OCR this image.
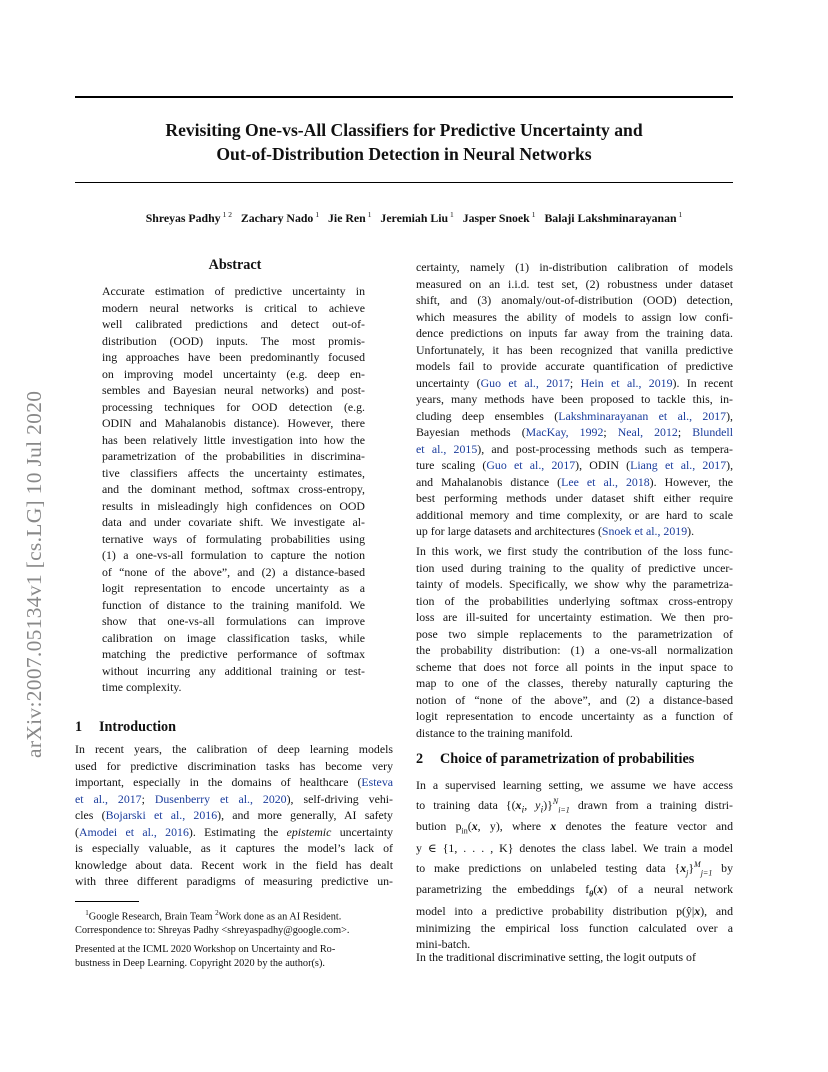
arXiv:2007.05134v1 [cs.LG] 10 Jul 2020
Revisiting One-vs-All Classifiers for Predictive Uncertainty and
Out-of-Distribution Detection in Neural Networks
Shreyas Padhy $^{1 2}$ Zachary Nado $^1$ Jie Ren $^1$ Jeremiah Liu $^1$ Jasper Snoek $^1$ Balaji Lakshminarayanan $^1$
Abstract
Accurate estimation of predictive uncertainty in
modern neural networks is critical to achieve
well calibrated predictions and detect out-of-
distribution (OOD) inputs. The most promis-
ing approaches have been predominantly focused
on improving model uncertainty (e.g. deep en-
sembles and Bayesian neural networks) and post-
processing techniques for OOD detection (e.g.
ODIN and Mahalanobis distance). However, there
has been relatively little investigation into how the
parametrization of the probabilities in discrimina-
tive classifiers affects the uncertainty estimates,
and the dominant method, softmax cross-entropy,
results in misleadingly high confidences on OOD
data and under covariate shift. We investigate al-
ternative ways of formulating probabilities using
(1) a one-vs-all formulation to capture the notion
of “none of the above”, and (2) a distance-based
logit representation to encode uncertainty as a
function of distance to the training manifold. We
show that one-vs-all formulations can improve
calibration on image classification tasks, while
matching the predictive performance of softmax
without incurring any additional training or test-
time complexity.
1 Introduction
In recent years, the calibration of deep learning models
used for predictive discrimination tasks has become very
important, especially in the domains of healthcare (Esteva
et al., 2017; Dusenberry et al., 2020), self-driving vehi-
cles (Bojarski et al., 2016), and more generally, AI safety
(Amodei et al., 2016). Estimating the epistemic uncertainty
is especially valuable, as it captures the model’s lack of
knowledge about data. Recent work in the field has dealt
with three different paradigms of measuring predictive un-
$^1$Google Research, Brain Team $^2$Work done as an AI Resident.
Correspondence to: Shreyas Padhy <shreyaspadhy@google.com>.
Presented at the ICML 2020 Workshop on Uncertainty and Ro-
bustness in Deep Learning. Copyright 2020 by the author(s).
certainty, namely (1) in-distribution calibration of models
measured on an i.i.d. test set, (2) robustness under dataset
shift, and (3) anomaly/out-of-distribution (OOD) detection,
which measures the ability of models to assign low confi-
dence predictions on inputs far away from the training data.
Unfortunately, it has been recognized that vanilla predictive
models fail to provide accurate quantification of predictive
uncertainty (Guo et al., 2017; Hein et al., 2019). In recent
years, many methods have been proposed to tackle this, in-
cluding deep ensembles (Lakshminarayanan et al., 2017),
Bayesian methods (MacKay, 1992; Neal, 2012; Blundell
et al., 2015), and post-processing methods such as tempera-
ture scaling (Guo et al., 2017), ODIN (Liang et al., 2017),
and Mahalanobis distance (Lee et al., 2018). However, the
best performing methods under dataset shift either require
additional memory and time complexity, or are hard to scale
up for large datasets and architectures (Snoek et al., 2019).
In this work, we first study the contribution of the loss func-
tion used during training to the quality of predictive uncer-
tainty of models. Specifically, we show why the parametriza-
tion of the probabilities underlying softmax cross-entropy
loss are ill-suited for uncertainty estimation. We then pro-
pose two simple replacements to the parametrization of
the probability distribution: (1) a one-vs-all normalization
scheme that does not force all points in the input space to
map to one of the classes, thereby naturally capturing the
notion of “none of the above”, and (2) a distance-based
logit representation to encode uncertainty as a function of
distance to the training manifold.
2 Choice of parametrization of probabilities
In a supervised learning setting, we assume we have access
to training data {($x_i$, $y_i)\}^N_{i=1}$ drawn from a training distri-
bution $p_{in}(x$, y), where x denotes the feature vector and
y ∈ {1, . . . , K} denotes the class label. We train a model
to make predictions on unlabeled testing data $\{x_j\}^M_{j=1}$ by
parametrizing the embeddings $f_\theta(x)$ of a neural network
model into a predictive probability distribution p(ŷ|x), and
minimizing the empirical loss function calculated over a
mini-batch.
In the traditional discriminative setting, the logit outputs of
